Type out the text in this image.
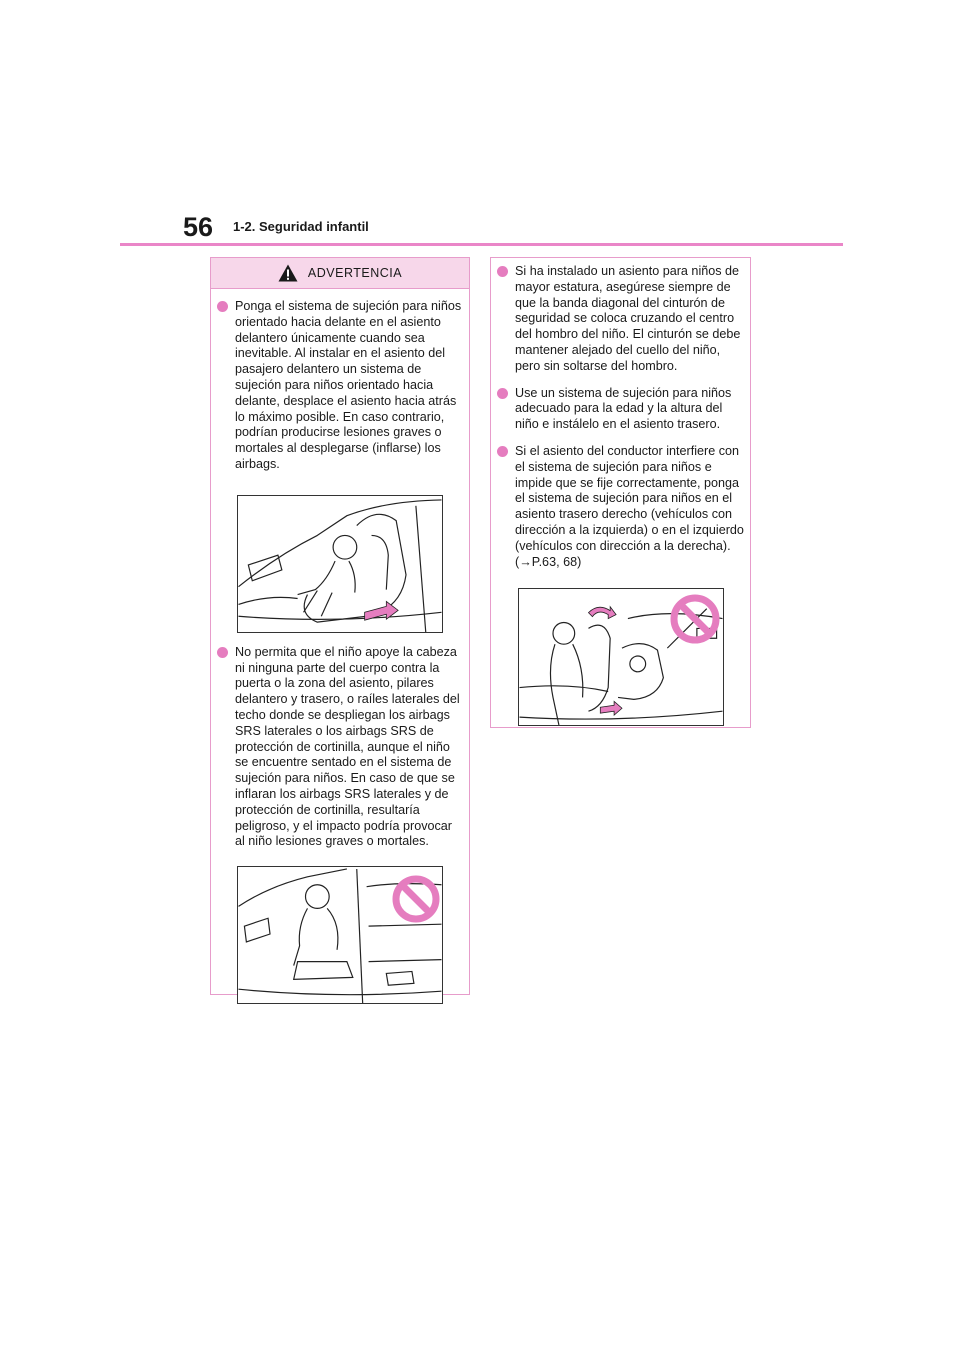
56 1-2. Seguridad infantil
ADVERTENCIA

Ponga el sistema de sujeción para niños orientado hacia delante en el asiento delantero únicamente cuando sea inevitable. Al instalar en el asiento del pasajero delantero un sistema de sujeción para niños orientado hacia delante, desplace el asiento hacia atrás lo máximo posible. En caso contrario, podrían producirse lesiones graves o mortales al desplegarse (inflarse) los airbags.

No permita que el niño apoye la cabeza ni ninguna parte del cuerpo contra la puerta o la zona del asiento, pilares delantero y trasero, o raíles laterales del techo donde se despliegan los airbags SRS laterales o los airbags SRS de protección de cortinilla, aunque el niño se encuentre sentado en el sistema de sujeción para niños. En caso de que se inflaran los airbags SRS laterales y de protección de cortinilla, resultaría peligroso, y el impacto podría provocar al niño lesiones graves o mortales.

Si ha instalado un asiento para niños de mayor estatura, asegúrese siempre de que la banda diagonal del cinturón de seguridad se coloca cruzando el centro del hombro del niño. El cinturón se debe mantener alejado del cuello del niño, pero sin soltarse del hombro.

Use un sistema de sujeción para niños adecuado para la edad y la altura del niño e instálelo en el asiento trasero.

Si el asiento del conductor interfiere con el sistema de sujeción para niños e impide que se fije correctamente, ponga el sistema de sujeción para niños en el asiento trasero derecho (vehículos con dirección a la izquierda) o en el izquierdo (vehículos con dirección a la derecha). (→P.63, 68)
